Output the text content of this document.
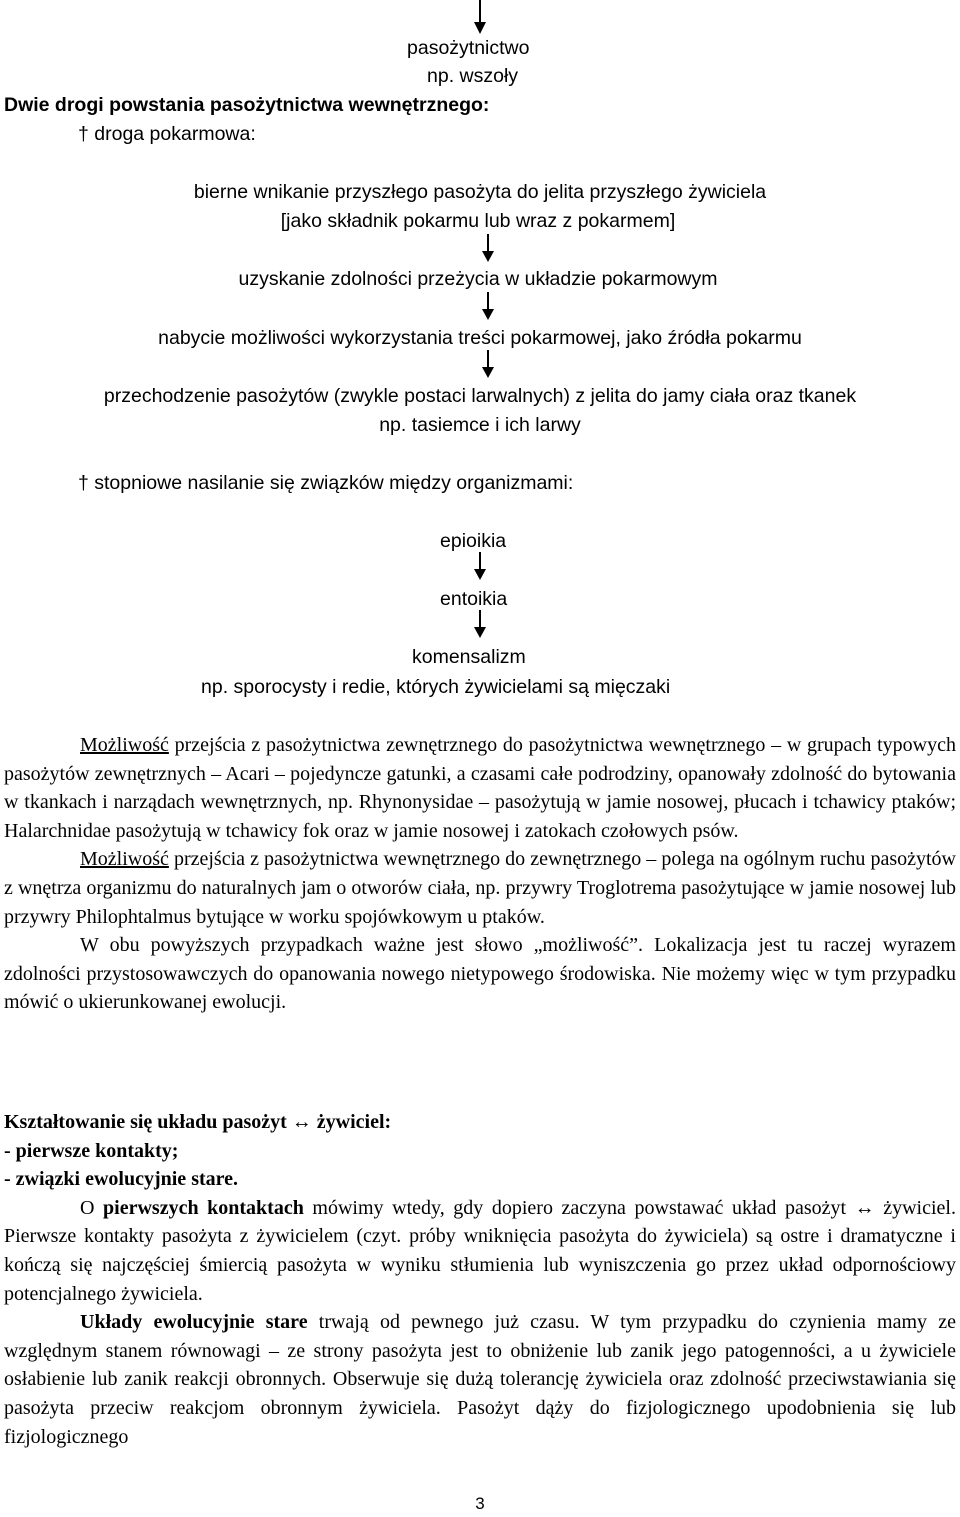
pasożytnictwo
np. wszoły
Dwie drogi powstania pasożytnictwa wewnętrznego:
† droga pokarmowa:
bierne wnikanie przyszłego pasożyta do jelita przyszłego żywiciela
[jako składnik pokarmu lub wraz z pokarmem]
uzyskanie zdolności przeżycia w układzie pokarmowym
nabycie możliwości wykorzystania treści pokarmowej, jako źródła pokarmu
przechodzenie pasożytów (zwykle postaci larwalnych) z jelita do jamy ciała oraz tkanek
np. tasiemce i ich larwy
† stopniowe nasilanie się związków między organizmami:
epioikia
entoikia
komensalizm
np. sporocysty i redie, których żywicielami są mięczaki

Możliwość przejścia z pasożytnictwa zewnętrznego do pasożytnictwa wewnętrznego – w grupach typowych pasożytów zewnętrznych – Acari – pojedyncze gatunki, a czasami całe podrodziny, opanowały zdolność do bytowania w tkankach i narządach wewnętrznych, np. Rhynonysidae – pasożytują w jamie nosowej, płucach i tchawicy ptaków; Halarchnidae pasożytują w tchawicy fok oraz w jamie nosowej i zatokach czołowych psów.

Możliwość przejścia z pasożytnictwa wewnętrznego do zewnętrznego – polega na ogólnym ruchu pasożytów z wnętrza organizmu do naturalnych jam o otworów ciała, np. przywry Troglotrema pasożytujące w jamie nosowej lub przywry Philophtalmus bytujące w worku spojówkowym u ptaków.

W obu powyższych przypadkach ważne jest słowo „możliwość”. Lokalizacja jest tu raczej wyrazem zdolności przystosowawczych do opanowania nowego nietypowego środowiska. Nie możemy więc w tym przypadku mówić o ukierunkowanej ewolucji.

Kształtowanie się układu pasożyt ↔ żywiciel:

- pierwsze kontakty;

- związki ewolucyjnie stare.

O pierwszych kontaktach mówimy wtedy, gdy dopiero zaczyna powstawać układ pasożyt ↔ żywiciel. Pierwsze kontakty pasożyta z żywicielem (czyt. próby wniknięcia pasożyta do żywiciela) są ostre i dramatyczne i kończą się najczęściej śmiercią pasożyta w wyniku stłumienia lub wyniszczenia go przez układ odpornościowy potencjalnego żywiciela.

Układy ewolucyjnie stare trwają od pewnego już czasu. W tym przypadku do czynienia mamy ze względnym stanem równowagi – ze strony pasożyta jest to obniżenie lub zanik jego patogenności, a u żywiciele osłabienie lub zanik reakcji obronnych. Obserwuje się dużą tolerancję żywiciela oraz zdolność przeciwstawiania się pasożyta przeciw reakcjom obronnym żywiciela. Pasożyt dąży do fizjologicznego upodobnienia się lub fizjologicznego

3
